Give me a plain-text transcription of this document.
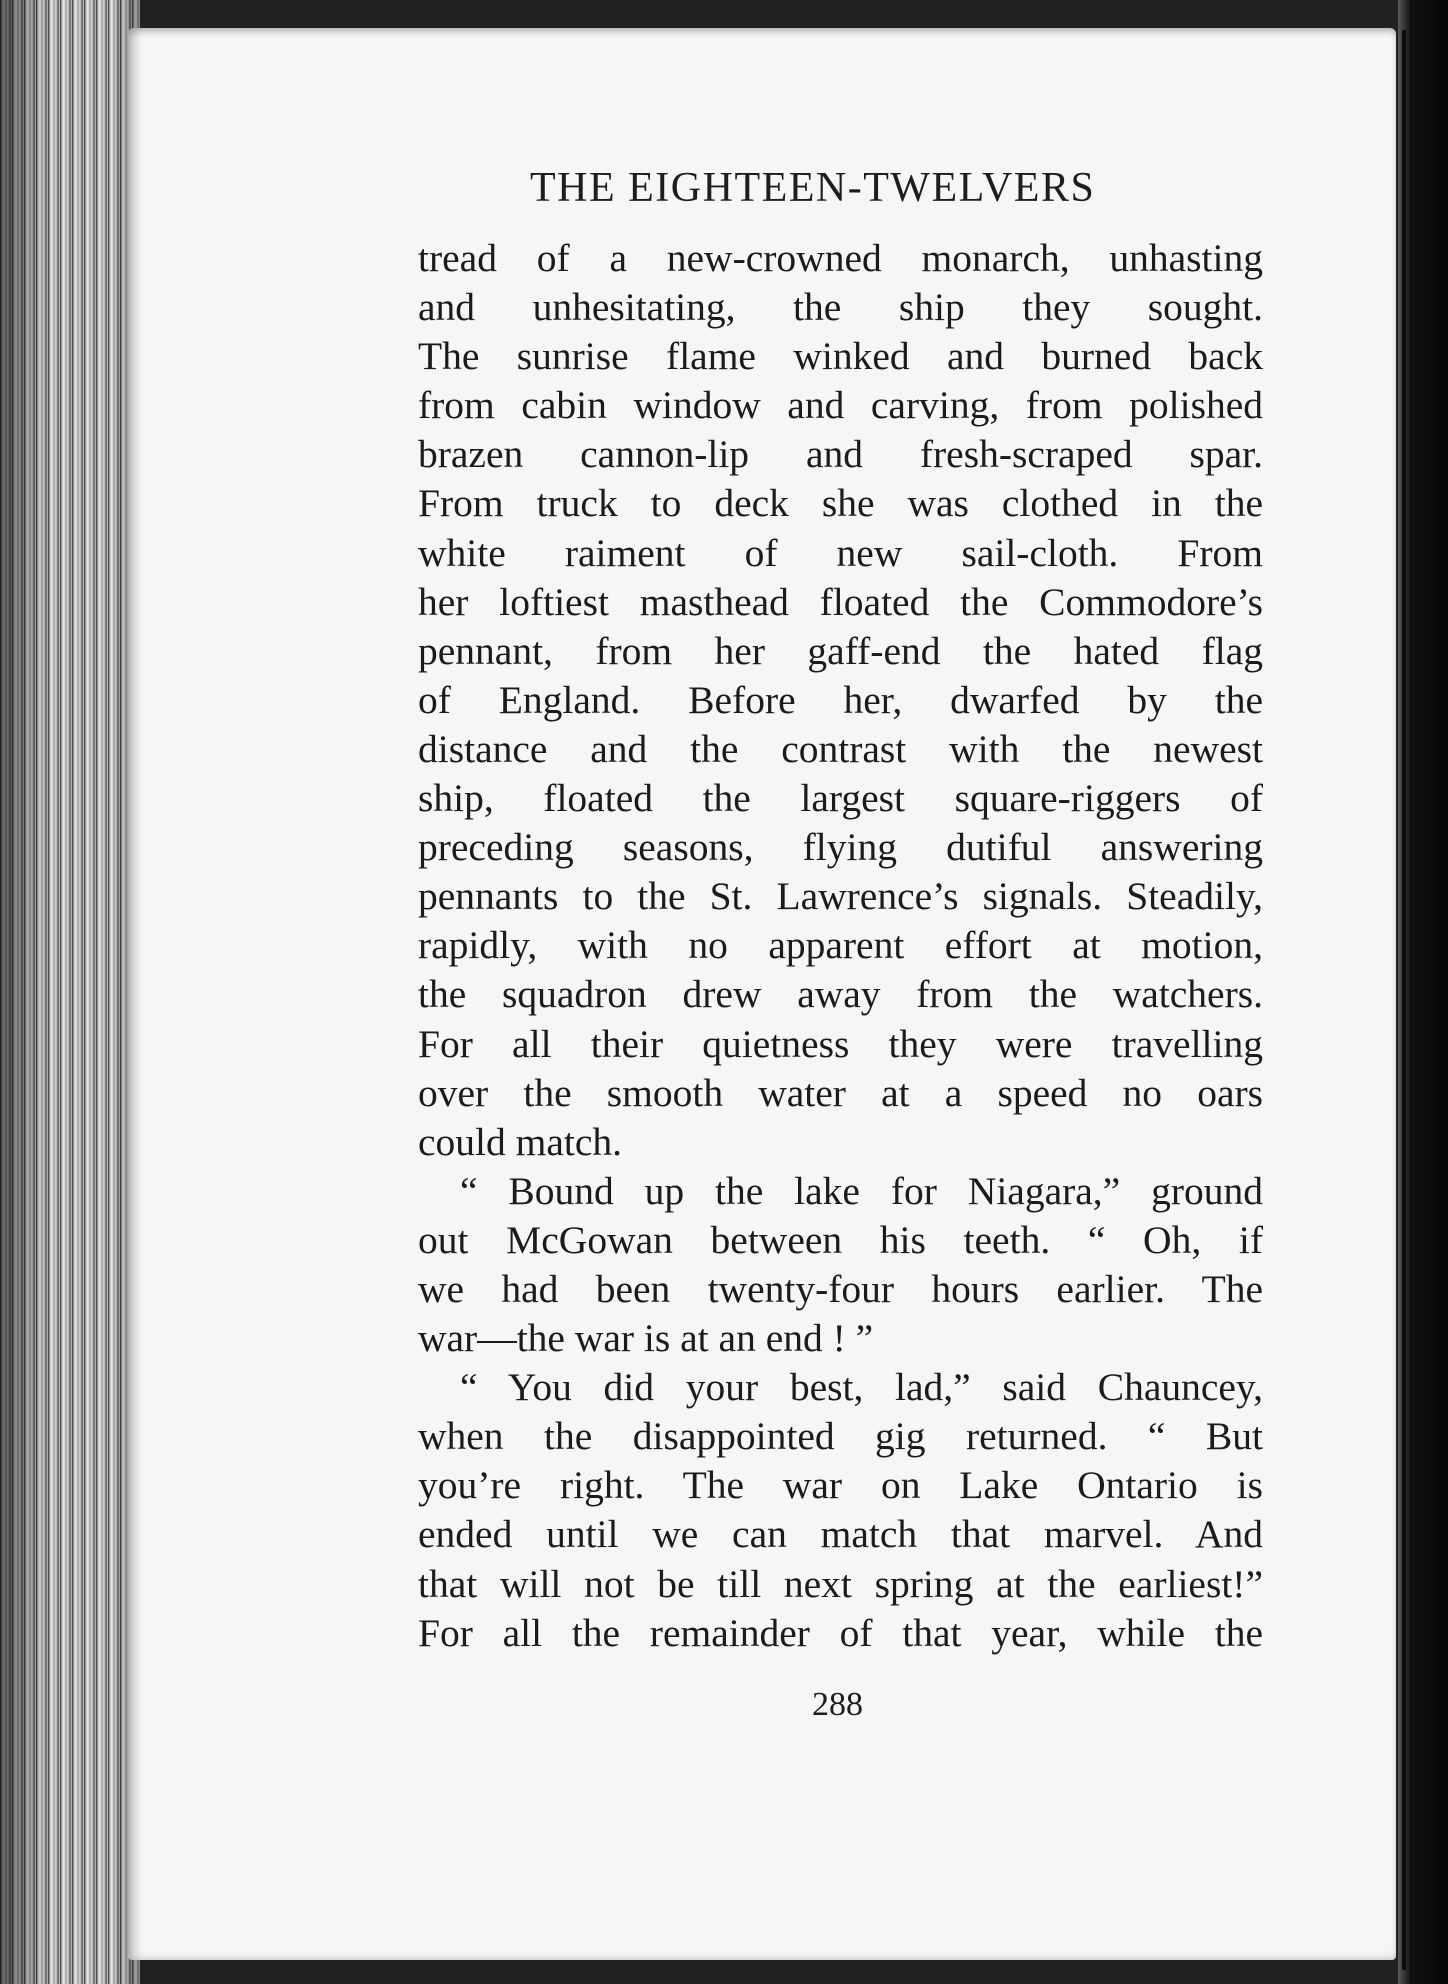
THE EIGHTEEN-TWELVERS
tread of a new-crowned monarch, unhasting
and unhesitating, the ship they sought.
The sunrise flame winked and burned back
from cabin window and carving, from polished
brazen cannon-lip and fresh-scraped spar.
From truck to deck she was clothed in the
white raiment of new sail-cloth. From
her loftiest masthead floated the Commodore’s
pennant, from her gaff-end the hated flag
of England. Before her, dwarfed by the
distance and the contrast with the newest
ship, floated the largest square-riggers of
preceding seasons, flying dutiful answering
pennants to the St. Lawrence’s signals. Steadily,
rapidly, with no apparent effort at motion,
the squadron drew away from the watchers.
For all their quietness they were travelling
over the smooth water at a speed no oars
could match.
“ Bound up the lake for Niagara,” ground
out McGowan between his teeth. “ Oh, if
we had been twenty-four hours earlier. The
war—the war is at an end ! ”
“ You did your best, lad,” said Chauncey,
when the disappointed gig returned. “ But
you’re right. The war on Lake Ontario is
ended until we can match that marvel. And
that will not be till next spring at the earliest!”
For all the remainder of that year, while the
288
